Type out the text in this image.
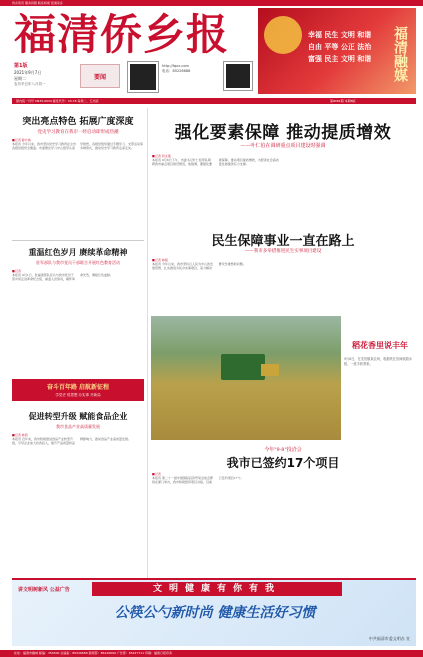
侨乡资讯 服务侨胞 联系桥梁 报道家乡
福清侨乡报
第1版
2021年9月7日
星期二
农历辛丑年八月初一
要闻
http://fqxx.com
电话：85226688
幸福 民生 文明 和谐
自由 平等 公正 法治
富强 民主 文明 和谐 福清融媒
国内统一刊号 CN35-0034 邮发代号：33-78 每周二、五出版	第8081期 本期8版
突出亮点特色 拓展广度深度
党史学习教育在我市一经启动即形成热潮
■记者 薛方诚
本报讯 今年以来，我市坚持党史学习教育在全市各级党组织全覆盖。市委理论学习中心组带头深学细悟，各级党组织通过专题学习、支部活动等多种形式，推动党史学习教育走深走实。
重温红色岁月 赓续革命精神
驻军部队与我市党员干部联合开展红色教育活动
■记者
本报讯 9月1日，驻福清部队官兵与我市党员干部共同走进革命纪念馆，重温入党誓词，缅怀革命先烈，赓续红色血脉。
奋斗百年路 启航新征程
学党史 悟思想 办实事 开新局
促进转型升级 赋能食品企业
我市食品产业高质量发展
■记者 林莉
本报讯 近年来，我市积极推进食品产业转型升级，引导企业加大技改投入，提升产品质量和品牌影响力，推动食品产业高质量发展。
强化要素保障 推动提质增效
——叶仁伯在调研重点项目建设时强调
■记者 何文强
本报讯 9月6日下午，市委书记叶仁伯带队调研我市重点项目建设情况，他强调，要强化要素保障，推动项目提质增效，为经济社会高质量发展提供有力支撑。
民生保障事业一直在路上
——我市多举措推进民生实事项目建设
■记者 林娟
本报讯 今年以来，我市坚持以人民为中心的发展思想，扎实推进为民办实事项目，着力解决群众急难愁盼问题。
稻花香里说丰年
9月6日，在龙田镇某农场，收割机在田间收割水稻，一派丰收景象。
今年"9·8"投洽会
我市已签约17个项目
■记者
本报讯 第二十一届中国国际投资贸易洽谈会即将在厦门举办，我市积极组织项目对接，目前已签约项目17个。
讲文明树新风 公益广告	文明健康有你有我
公筷公勺新时尚 健康生活好习惯
中共福清市委文明办 宣
社址：福清市融城 邮编：350300 总编室：85226688 新闻部：85226699 广告部：85227711 印刷：福建日报印务
